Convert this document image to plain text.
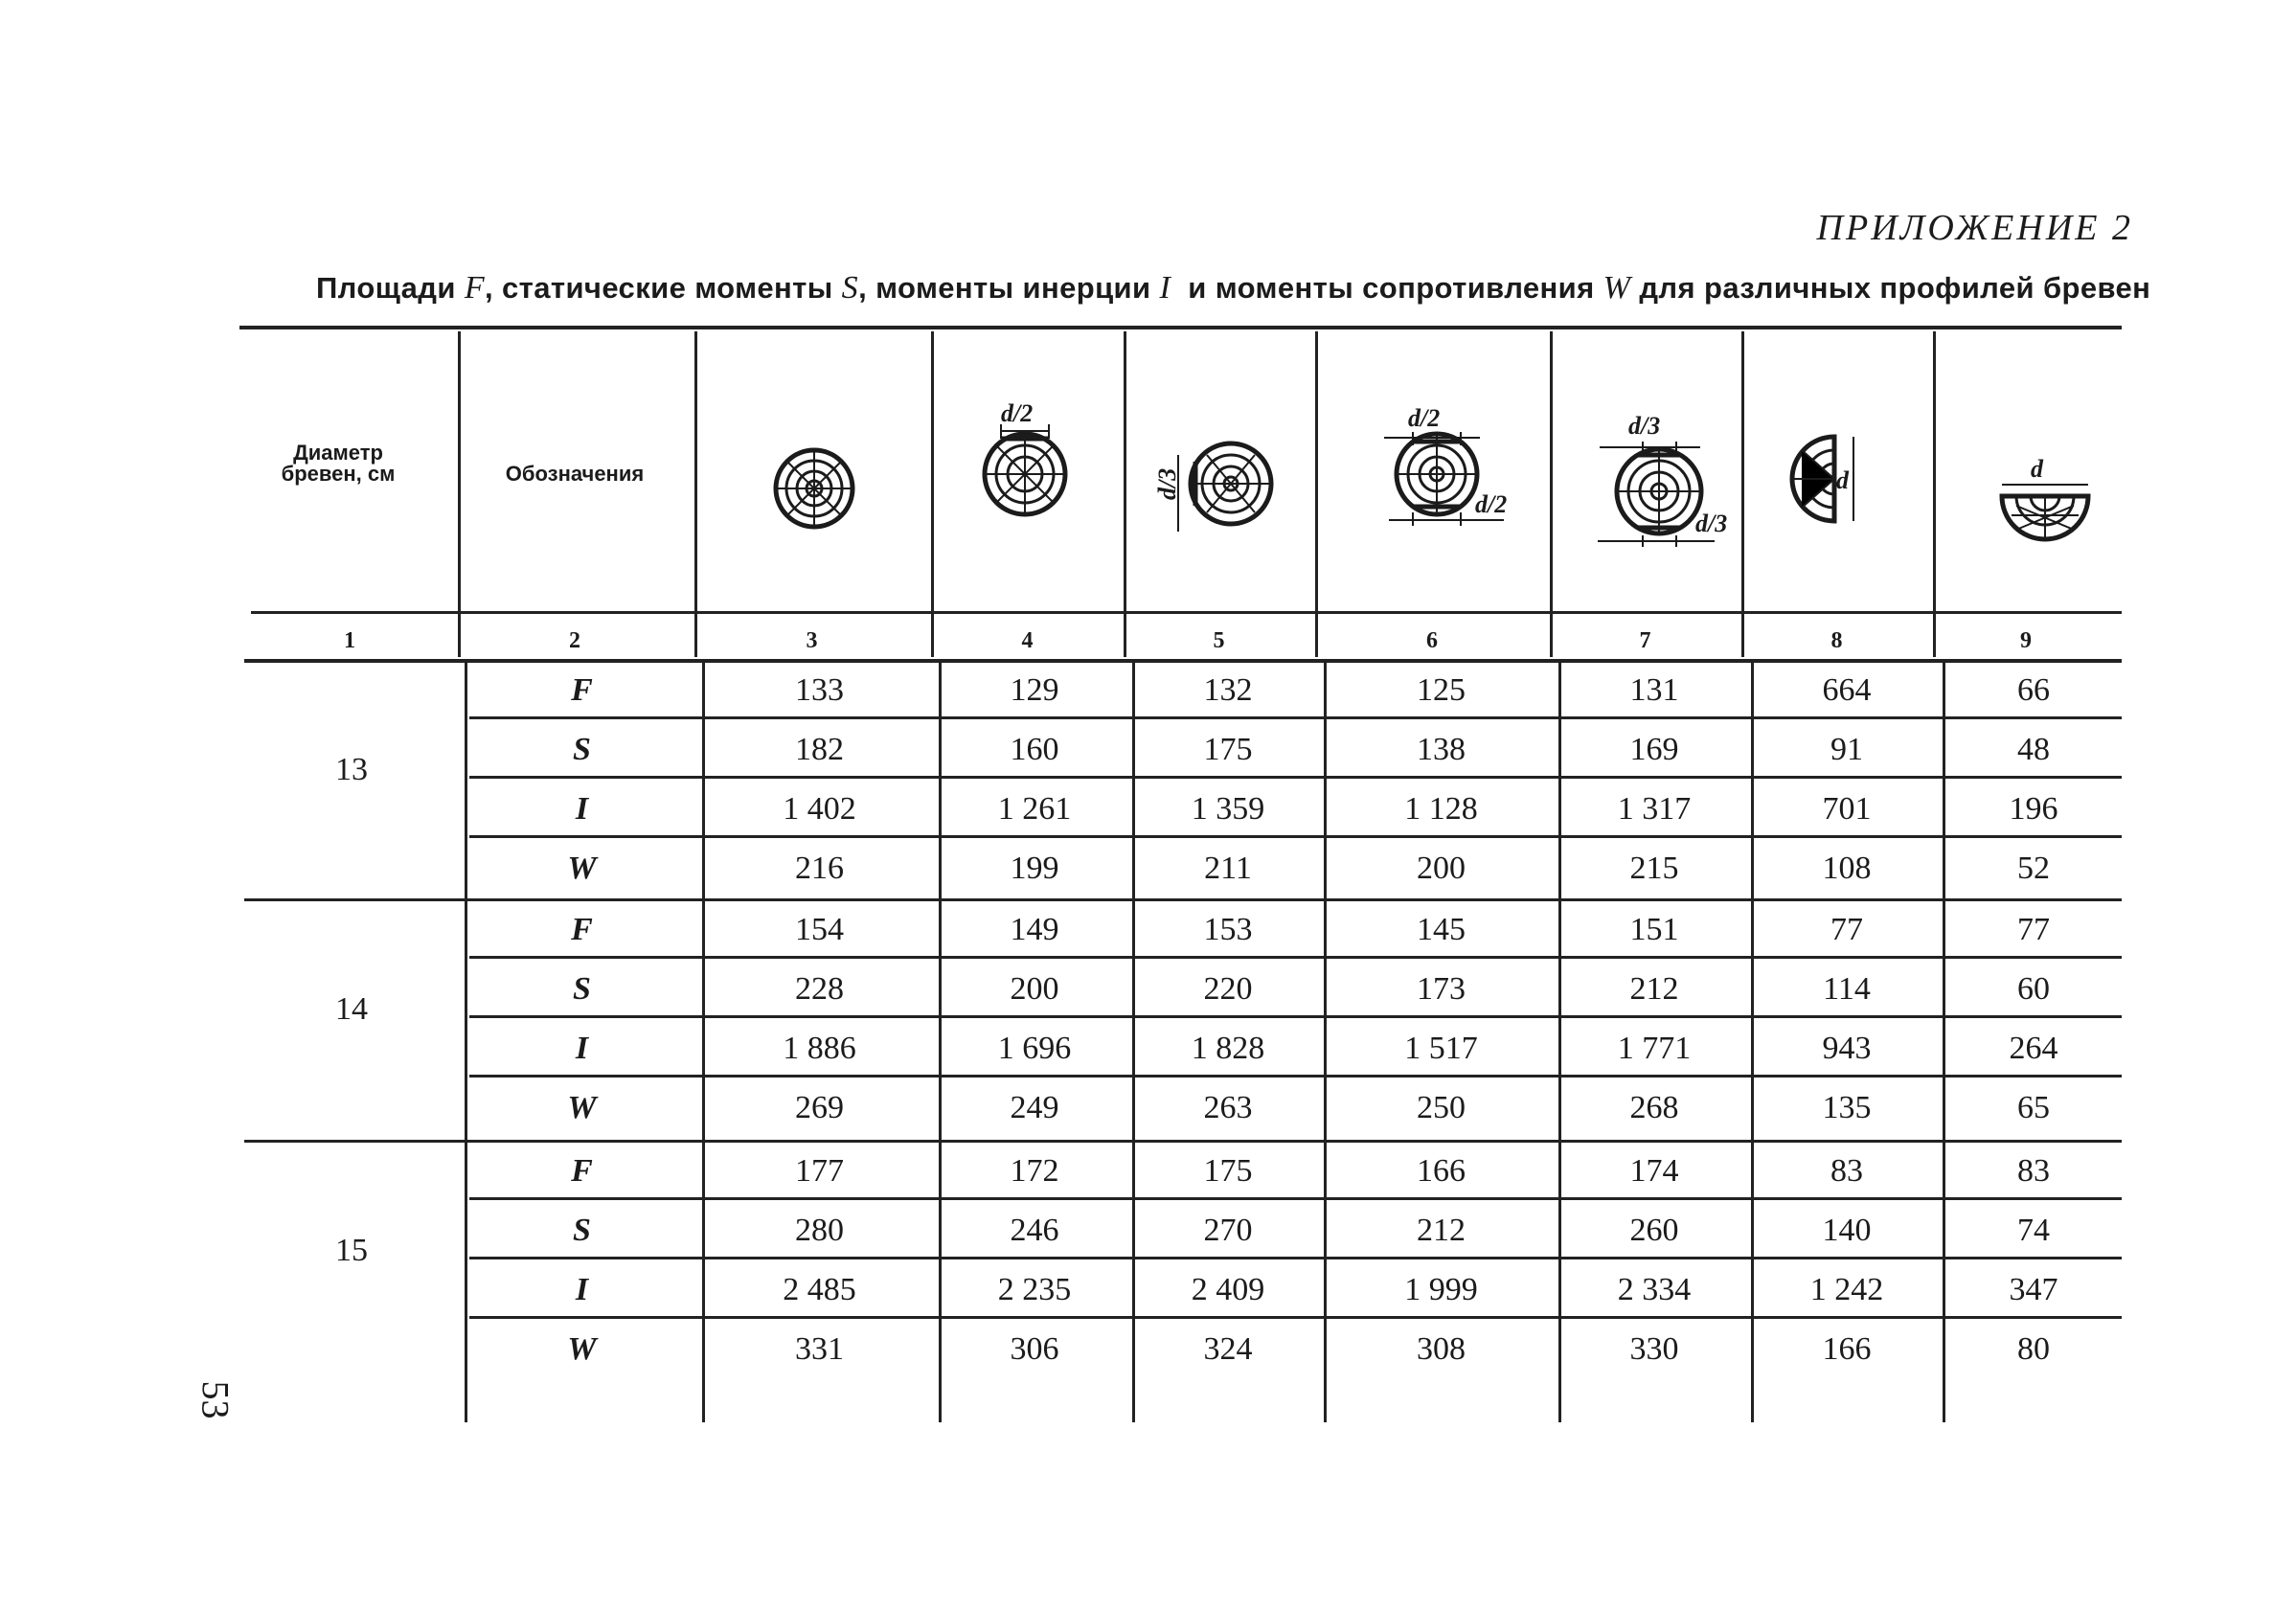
ПРИЛОЖЕНИЕ 2
Площади F, статические моменты S, моменты инерции I и моменты сопротивления W для различных профилей бревен
53
Диаметр бревен, см	Обозначения
d/2
d/3
d/2
d/2
d/3
d/3
d	d
1	2	3	4	5	6	7	8	9
13
F	133	129	132	125	131	664	66
S	182	160	175	138	169	91	48
I	1 402	1 261	1 359	1 128	1 317	701	196
W	216	199	211	200	215	108	52
14
F	154	149	153	145	151	77	77
S	228	200	220	173	212	114	60
I	1 886	1 696	1 828	1 517	1 771	943	264
W	269	249	263	250	268	135	65
15
F	177	172	175	166	174	83	83
S	280	246	270	212	260	140	74
I	2 485	2 235	2 409	1 999	2 334	1 242	347
W	331	306	324	308	330	166	80
